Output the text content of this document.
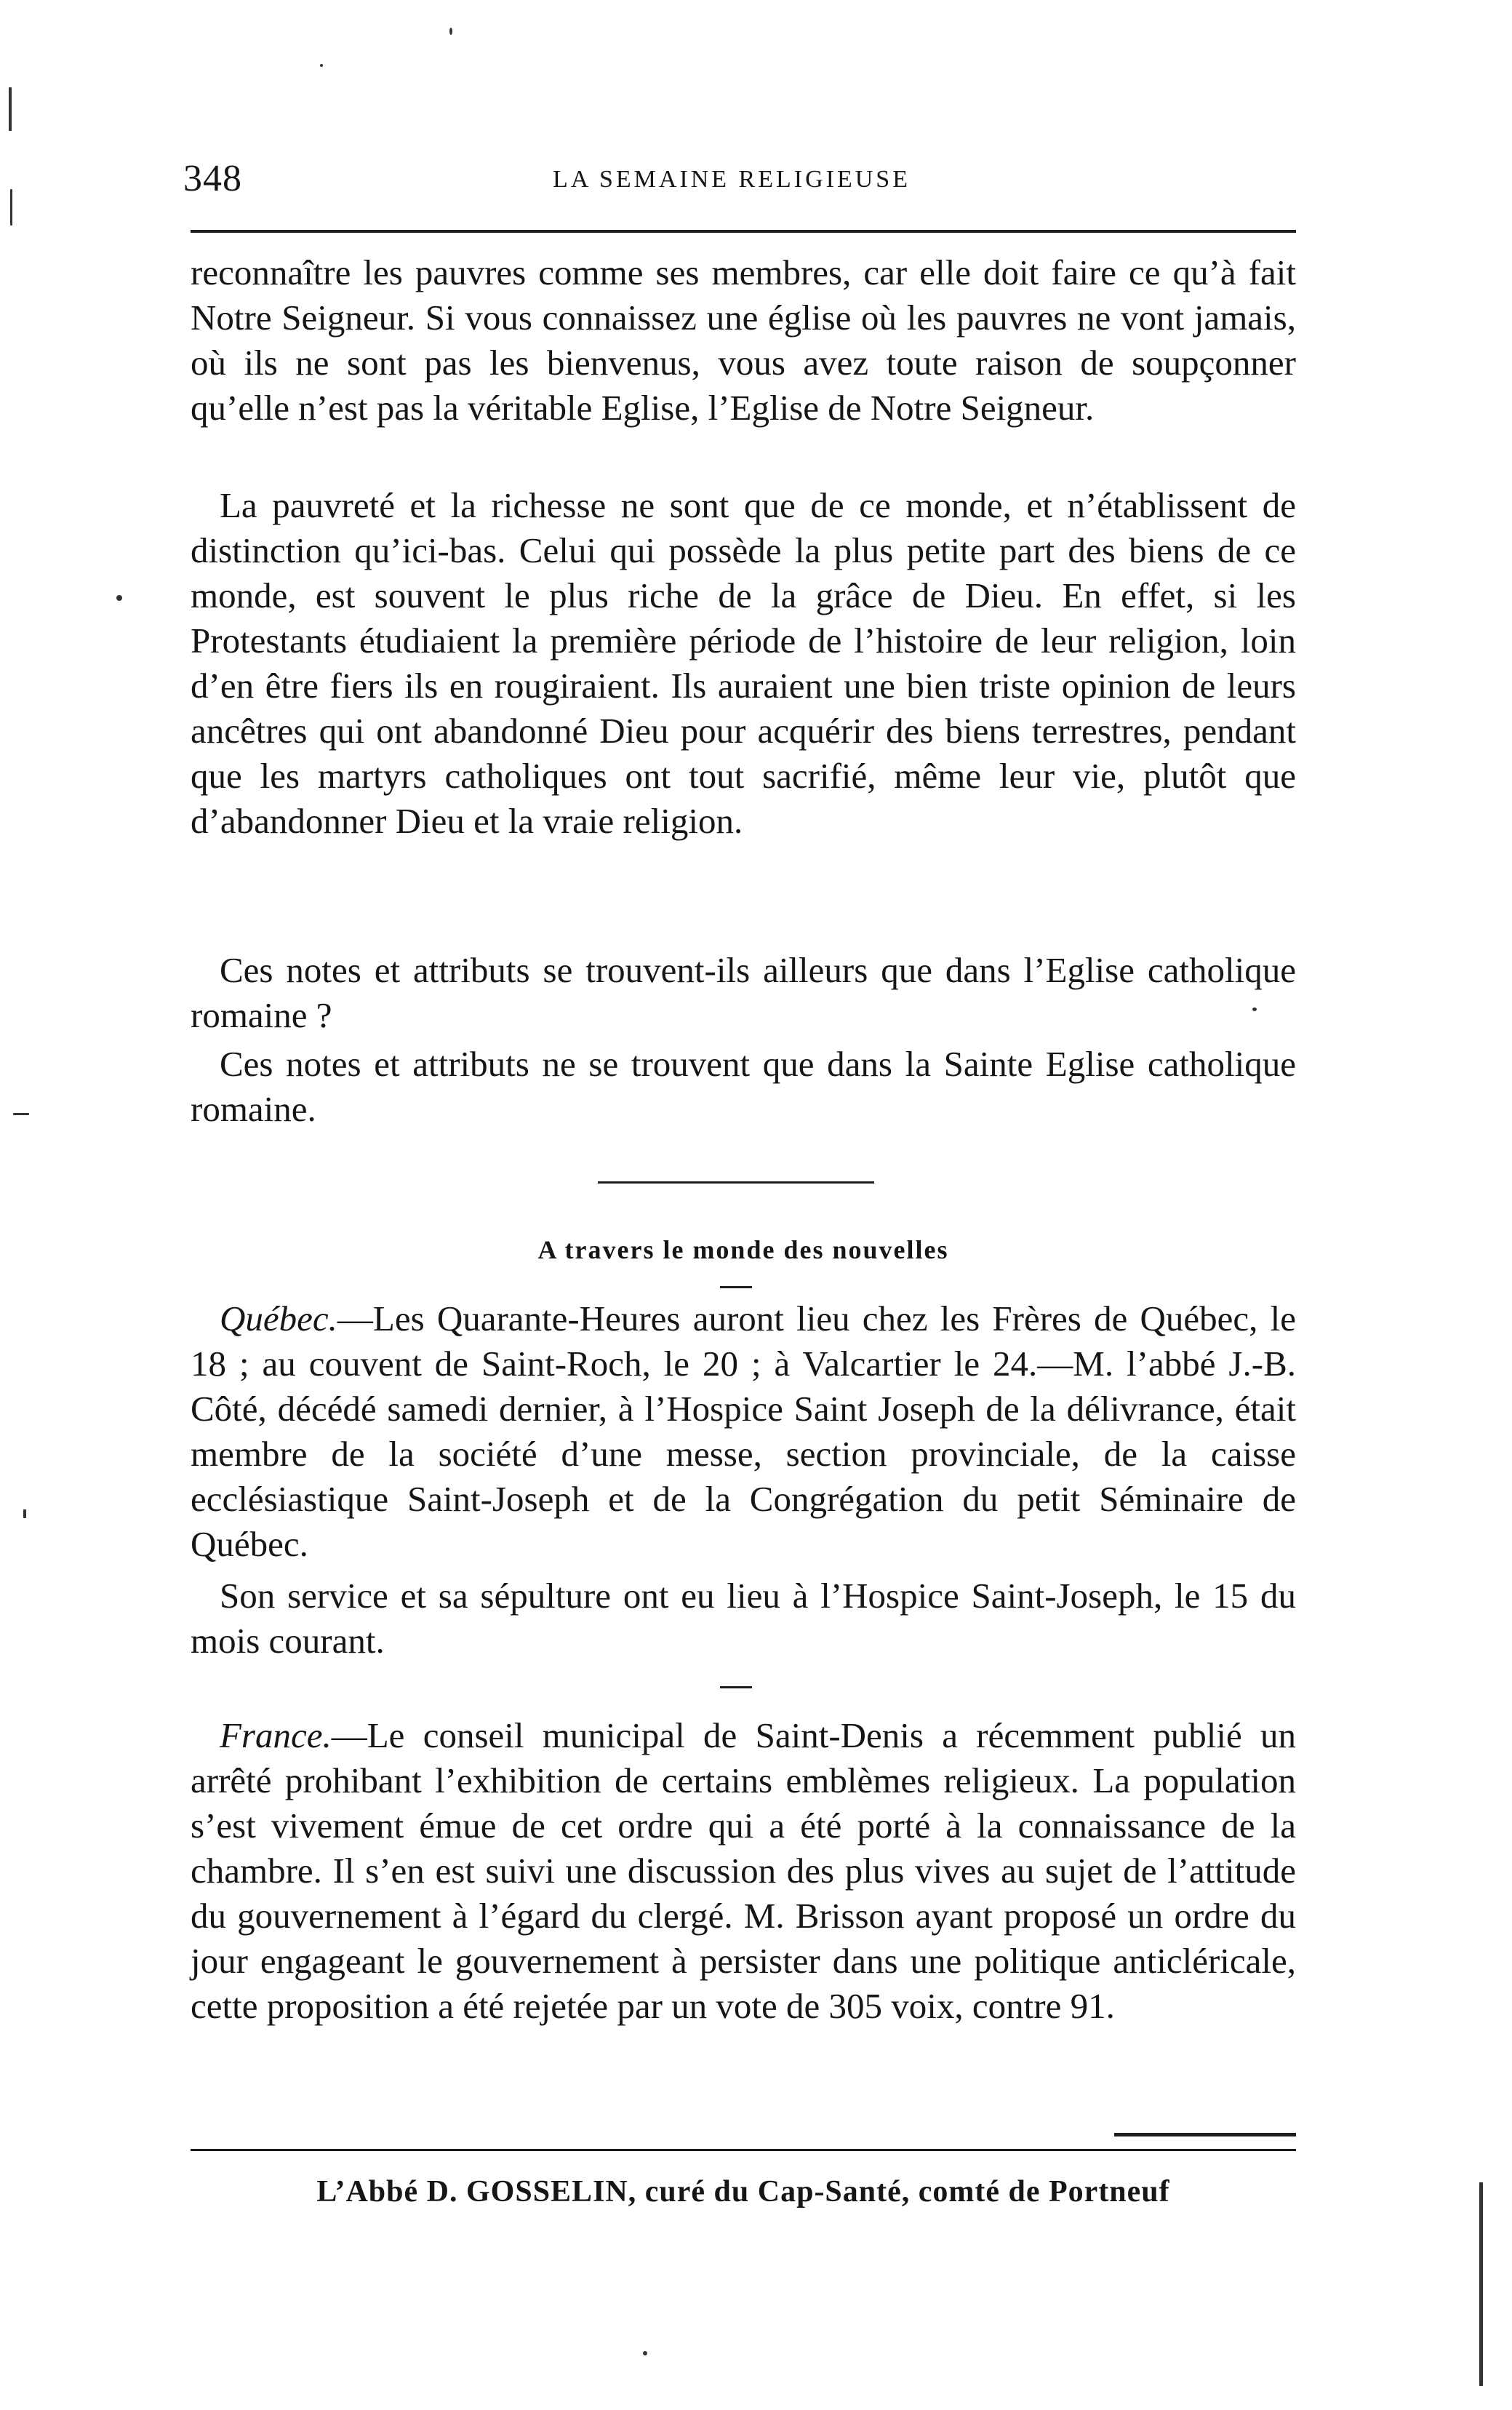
348	LA SEMAINE RELIGIEUSE

reconnaître les pauvres comme ses membres, car elle doit faire ce qu’à fait Notre Seigneur. Si vous connaissez une église où les pauvres ne vont jamais, où ils ne sont pas les bienvenus, vous avez toute raison de soupçonner qu’elle n’est pas la véritable Eglise, l’Eglise de Notre Seigneur.

La pauvreté et la richesse ne sont que de ce monde, et n’établissent de distinction qu’ici-bas. Celui qui possède la plus petite part des biens de ce monde, est souvent le plus riche de la grâce de Dieu. En effet, si les Protestants étudiaient la première période de l’histoire de leur religion, loin d’en être fiers ils en rougiraient. Ils auraient une bien triste opinion de leurs ancêtres qui ont abandonné Dieu pour acquérir des biens terrestres, pendant que les martyrs catholiques ont tout sacrifié, même leur vie, plutôt que d’abandonner Dieu et la vraie religion.

Ces notes et attributs se trouvent-ils ailleurs que dans l’Eglise catholique romaine ?

Ces notes et attributs ne se trouvent que dans la Sainte Eglise catholique romaine.

A travers le monde des nouvelles

Québec.—Les Quarante-Heures auront lieu chez les Frères de Québec, le 18 ; au couvent de Saint-Roch, le 20 ; à Valcartier le 24.—M. l’abbé J.-B. Côté, décédé samedi dernier, à l’Hospice Saint Joseph de la délivrance, était membre de la société d’une messe, section provinciale, de la caisse ecclésiastique Saint-Joseph et de la Congrégation du petit Séminaire de Québec.

Son service et sa sépulture ont eu lieu à l’Hospice Saint-Joseph, le 15 du mois courant.

France.—Le conseil municipal de Saint-Denis a récemment publié un arrêté prohibant l’exhibition de certains emblèmes religieux. La population s’est vivement émue de cet ordre qui a été porté à la connaissance de la chambre. Il s’en est suivi une discussion des plus vives au sujet de l’attitude du gouvernement à l’égard du clergé. M. Brisson ayant proposé un ordre du jour engageant le gouvernement à persister dans une politique anticléricale, cette proposition a été rejetée par un vote de 305 voix, contre 91.

L’Abbé D. GOSSELIN, curé du Cap-Santé, comté de Portneuf
